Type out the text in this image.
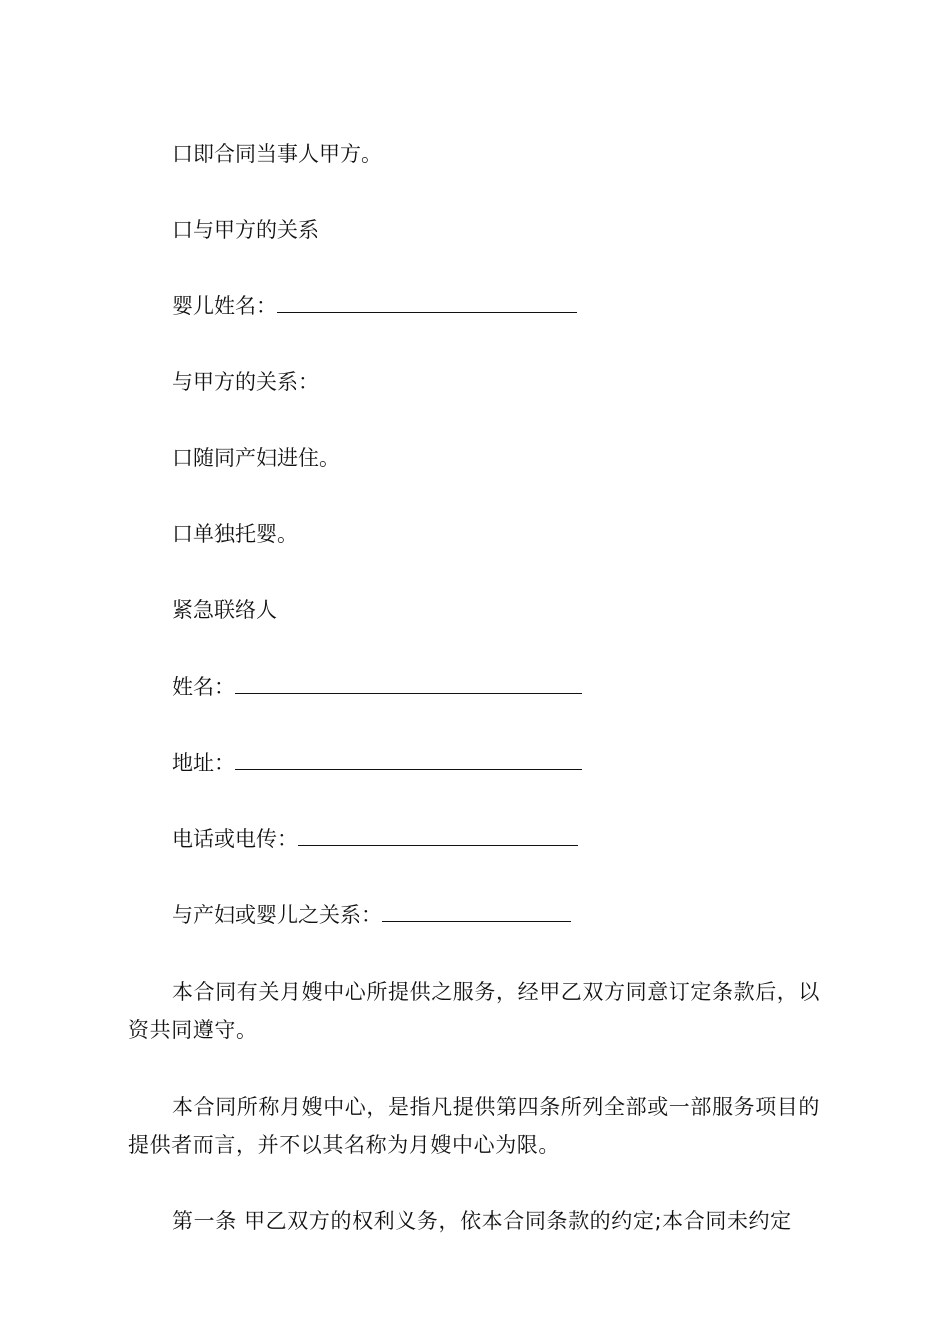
口即合同当事人甲方。
口与甲方的关系
婴儿姓名：
与甲方的关系：
口随同产妇进住。
口单独托婴。
紧急联络人
姓名：
地址：
电话或电传：
与产妇或婴儿之关系：
本合同有关月嫂中心所提供之服务，经甲乙双方同意订定条款后，以资共同遵守。
本合同所称月嫂中心，是指凡提供第四条所列全部或一部服务项目的提供者而言，并不以其名称为月嫂中心为限。
第一条 甲乙双方的权利义务，依本合同条款的约定;本合同未约定
